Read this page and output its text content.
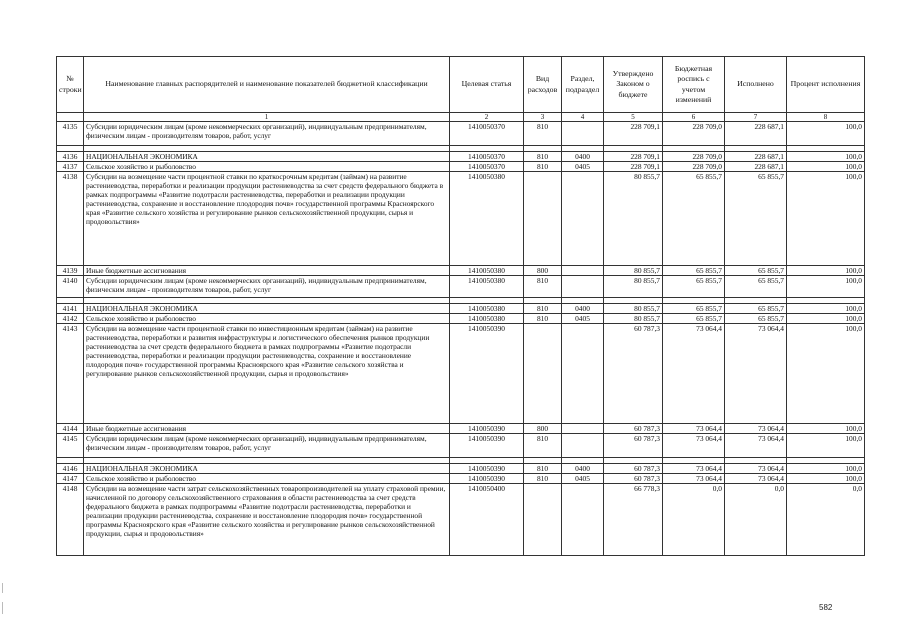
№ строки	Наименование главных распорядителей и наименование показателей бюджетной классификации	Целевая статья	Вид расходов	Раздел, подраздел	Утверждено Законом о бюджете	Бюджетная роспись с учетом изменений	Исполнено	Процент исполнения
	1	2	3	4	5	6	7	8
4135	Субсидии юридическим лицам (кроме некоммерческих организаций), индивидуальным предпринимателям, физическим лицам - производителям товаров, работ, услуг	1410050370	810		228 709,1	228 709,0	228 687,1	100,0

4136	НАЦИОНАЛЬНАЯ ЭКОНОМИКА	1410050370	810	0400	228 709,1	228 709,0	228 687,1	100,0
4137	Сельское хозяйство и рыболовство	1410050370	810	0405	228 709,1	228 709,0	228 687,1	100,0
4138	Субсидии на возмещение части процентной ставки по краткосрочным кредитам (займам) на развитие растениеводства, переработки и реализации продукции растениеводства за счет средств федерального бюджета в рамках подпрограммы «Развитие подотрасли растениеводства, переработки и реализации продукции растениеводства, сохранение и восстановление плодородия почв» государственной программы Красноярского края «Развитие сельского хозяйства и регулирование рынков сельскохозяйственной продукции, сырья и продовольствия»	1410050380			80 855,7	65 855,7	65 855,7	100,0
4139	Иные бюджетные ассигнования	1410050380	800		80 855,7	65 855,7	65 855,7	100,0
4140	Субсидии юридическим лицам (кроме некоммерческих организаций), индивидуальным предпринимателям, физическим лицам - производителям товаров, работ, услуг	1410050380	810		80 855,7	65 855,7	65 855,7	100,0

4141	НАЦИОНАЛЬНАЯ ЭКОНОМИКА	1410050380	810	0400	80 855,7	65 855,7	65 855,7	100,0
4142	Сельское хозяйство и рыболовство	1410050380	810	0405	80 855,7	65 855,7	65 855,7	100,0
4143	Субсидии на возмещение части процентной ставки по инвестиционным кредитам (займам) на развитие растениеводства, переработки и развития инфраструктуры и логистического обеспечения рынков продукции растениеводства за счет средств федерального бюджета в рамках подпрограммы «Развитие подотрасли растениеводства, переработки и реализации продукции растениеводства, сохранение и восстановление плодородия почв» государственной программы Красноярского края «Развитие сельского хозяйства и регулирование рынков сельскохозяйственной продукции, сырья и продовольствия»	1410050390			60 787,3	73 064,4	73 064,4	100,0
4144	Иные бюджетные ассигнования	1410050390	800		60 787,3	73 064,4	73 064,4	100,0
4145	Субсидии юридическим лицам (кроме некоммерческих организаций), индивидуальным предпринимателям, физическим лицам - производителям товаров, работ, услуг	1410050390	810		60 787,3	73 064,4	73 064,4	100,0

4146	НАЦИОНАЛЬНАЯ ЭКОНОМИКА	1410050390	810	0400	60 787,3	73 064,4	73 064,4	100,0
4147	Сельское хозяйство и рыболовство	1410050390	810	0405	60 787,3	73 064,4	73 064,4	100,0
4148	Субсидии на возмещение части затрат сельскохозяйственных товаропроизводителей на уплату страховой премии, начисленной по договору сельскохозяйственного страхования в области растениеводства за счет средств федерального бюджета в рамках подпрограммы «Развитие подотрасли растениеводства, переработки и реализации продукции растениеводства, сохранение и восстановление плодородия почв» государственной программы Красноярского края «Развитие сельского хозяйства и регулирование рынков сельскохозяйственной продукции, сырья и продовольствия»	1410050400			66 778,3	0,0	0,0	0,0
582
